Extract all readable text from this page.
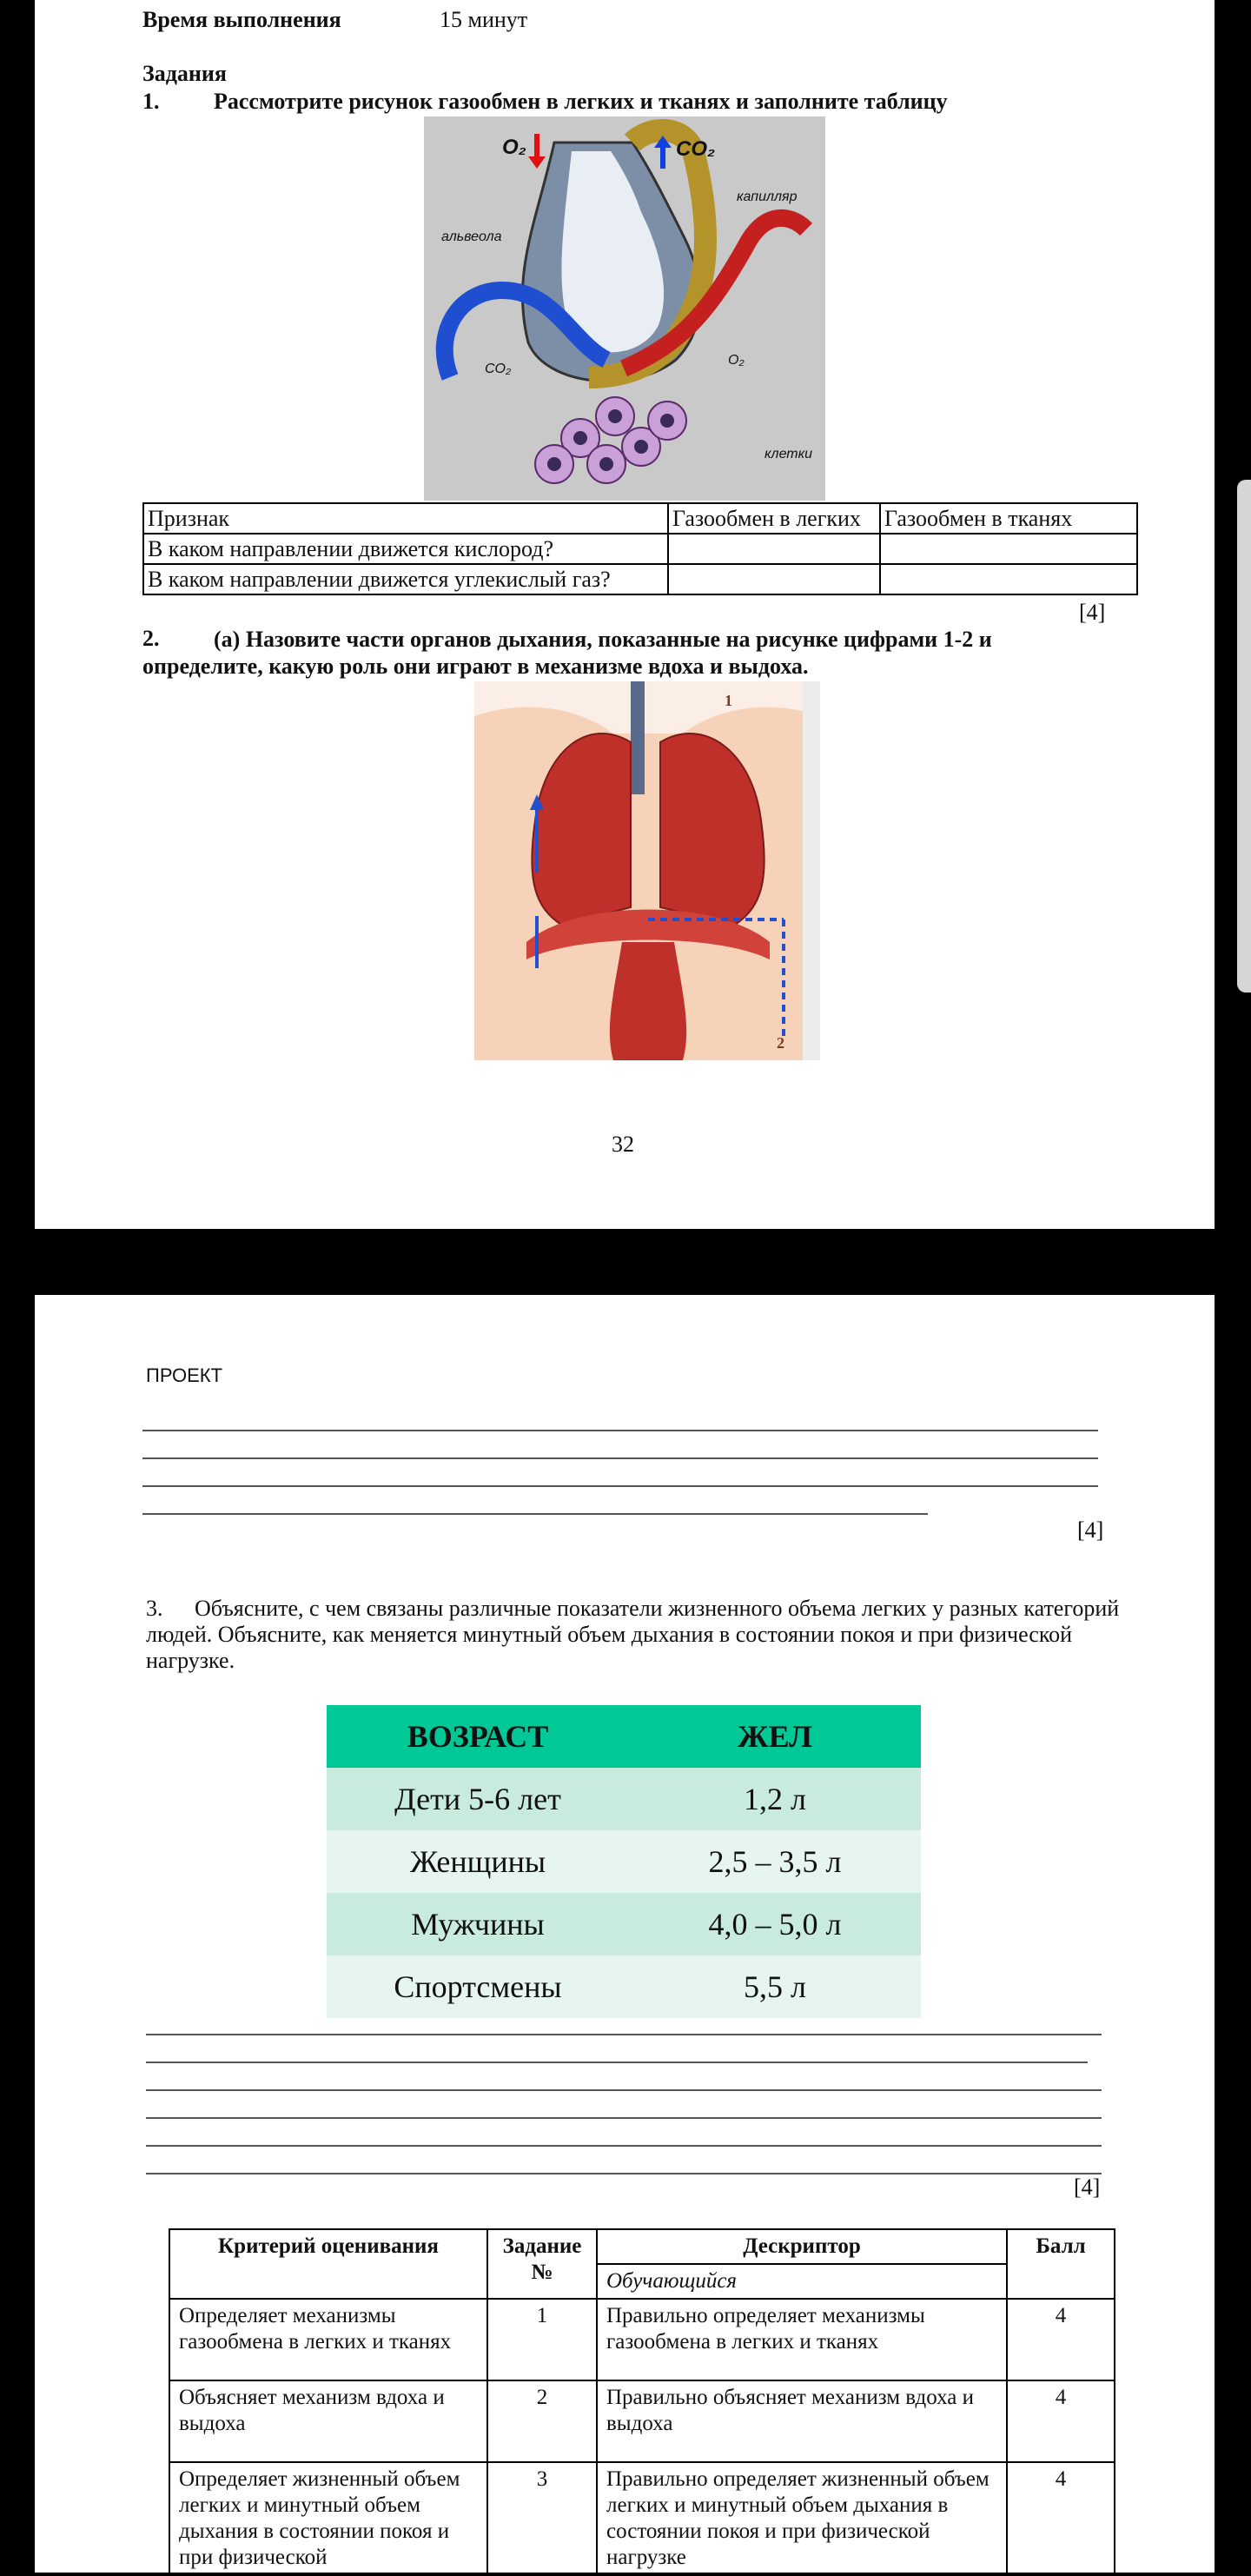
Время выполнения	15 минут
Задания
1. Рассмотрите рисунок газообмен в легких и тканях и заполните таблицу
O₂	CO₂
капилляр
альвеола
CO₂
O₂
клетки
Признак	Газообмен в легких	Газообмен в тканях
В каком направлении движется кислород?		
В каком направлении движется углекислый газ?		
[4]
2.	(а) Назовите части органов дыхания, показанные на рисунке цифрами 1-2 и определите, какую роль они играют в механизме вдоха и выдоха.
1
2
32
ПРОЕКТ
[4]
3.	Объясните, с чем связаны различные показатели жизненного объема легких у разных категорий людей. Объясните, как меняется минутный объем дыхания в состоянии покоя и при физической нагрузке.
ВОЗРАСТ	ЖЕЛ
Дети 5-6 лет	1,2 л
Женщины	2,5 – 3,5 л
Мужчины	4,0 – 5,0 л
Спортсмены	5,5 л
[4]
Критерий оценивания	Задание №	Дескриптор	Балл
		Обучающийся	
Определяет механизмы газообмена в легких и тканях	1	Правильно определяет механизмы газообмена в легких и тканях	4
Объясняет механизм вдоха и выдоха	2	Правильно объясняет механизм вдоха и выдоха	4
Определяет жизненный объем легких и минутный объем дыхания в состоянии покоя и при физической	3	Правильно определяет жизненный объем легких и минутный объем дыхания в состоянии покоя и при физической нагрузке	4
